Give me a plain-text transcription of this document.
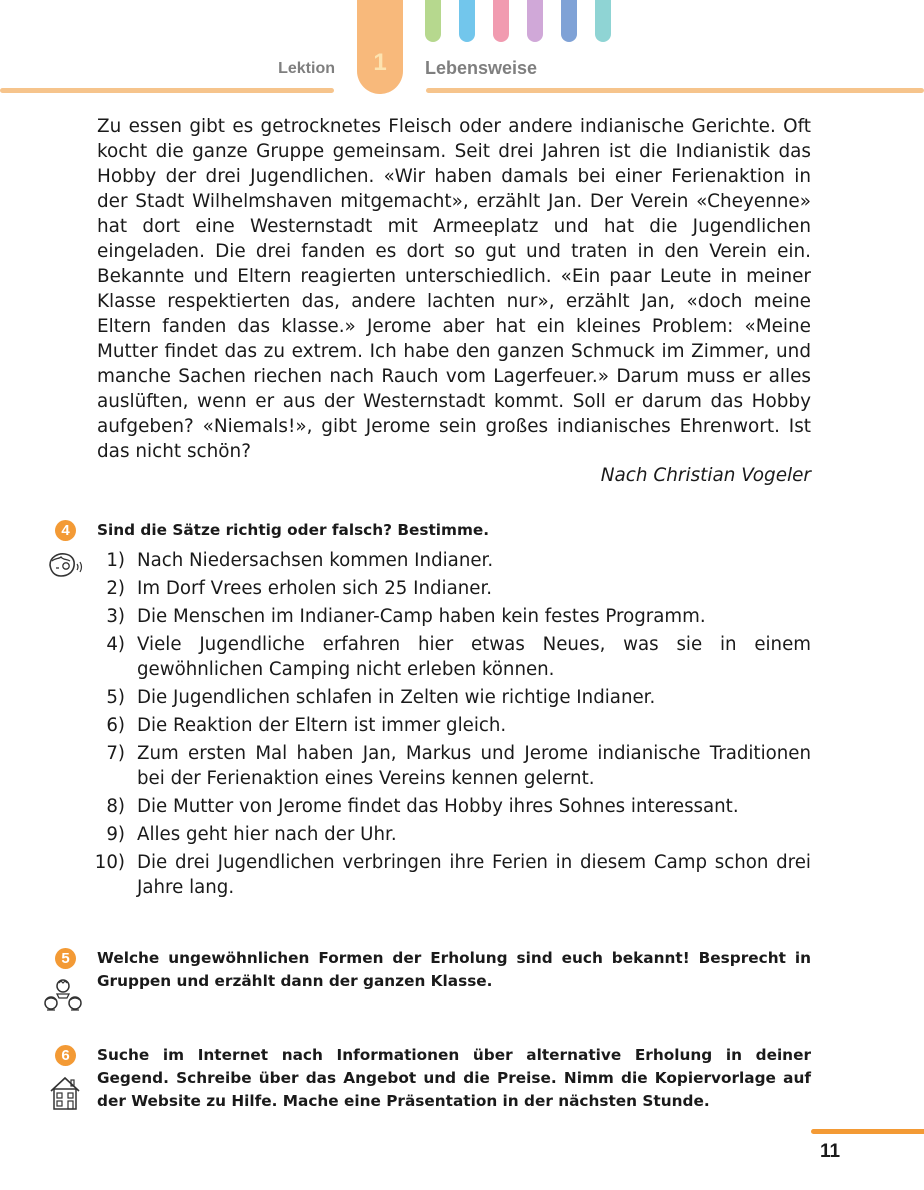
1
Lektion	Lebensweise

Zu essen gibt es getrocknetes Fleisch oder andere indianische Gerichte. Oft kocht die ganze Gruppe gemeinsam. Seit drei Jahren ist die Indianistik das Hobby der drei Jugendlichen. «Wir haben damals bei einer Ferienaktion in der Stadt Wilhelmshaven mitgemacht», erzählt Jan. Der Verein «Cheyenne» hat dort eine Westernstadt mit Armeeplatz und hat die Jugendlichen eingeladen. Die drei fanden es dort so gut und traten in den Verein ein. Bekannte und Eltern reagierten unterschiedlich. «Ein paar Leute in meiner Klasse respektierten das, andere lachten nur», erzählt Jan, «doch meine Eltern fanden das klasse.» Jerome aber hat ein kleines Problem: «Meine Mutter findet das zu extrem. Ich habe den ganzen Schmuck im Zimmer, und manche Sachen riechen nach Rauch vom Lagerfeuer.» Darum muss er alles auslüften, wenn er aus der Westernstadt kommt. Soll er darum das Hobby aufgeben? «Niemals!», gibt Jerome sein großes indianisches Ehrenwort. Ist das nicht schön?

Nach Christian Vogeler
4	Sind die Sätze richtig oder falsch? Bestimme.
1) Nach Niedersachsen kommen Indianer.
2) Im Dorf Vrees erholen sich 25 Indianer.
3) Die Menschen im Indianer-Camp haben kein festes Programm.
4) Viele Jugendliche erfahren hier etwas Neues, was sie in einem gewöhnlichen Camping nicht erleben können.
5) Die Jugendlichen schlafen in Zelten wie richtige Indianer.
6) Die Reaktion der Eltern ist immer gleich.
7) Zum ersten Mal haben Jan, Markus und Jerome indianische Traditionen bei der Ferienaktion eines Vereins kennen gelernt.
8) Die Mutter von Jerome findet das Hobby ihres Sohnes interessant.
9) Alles geht hier nach der Uhr.
10) Die drei Jugendlichen verbringen ihre Ferien in diesem Camp schon drei Jahre lang.
5	Welche ungewöhnlichen Formen der Erholung sind euch bekannt! Besprecht in Gruppen und erzählt dann der ganzen Klasse.
6	Suche im Internet nach Informationen über alternative Erholung in deiner Gegend. Schreibe über das Angebot und die Preise. Nimm die Kopiervorlage auf der Website zu Hilfe. Mache eine Präsentation in der nächsten Stunde.
11
